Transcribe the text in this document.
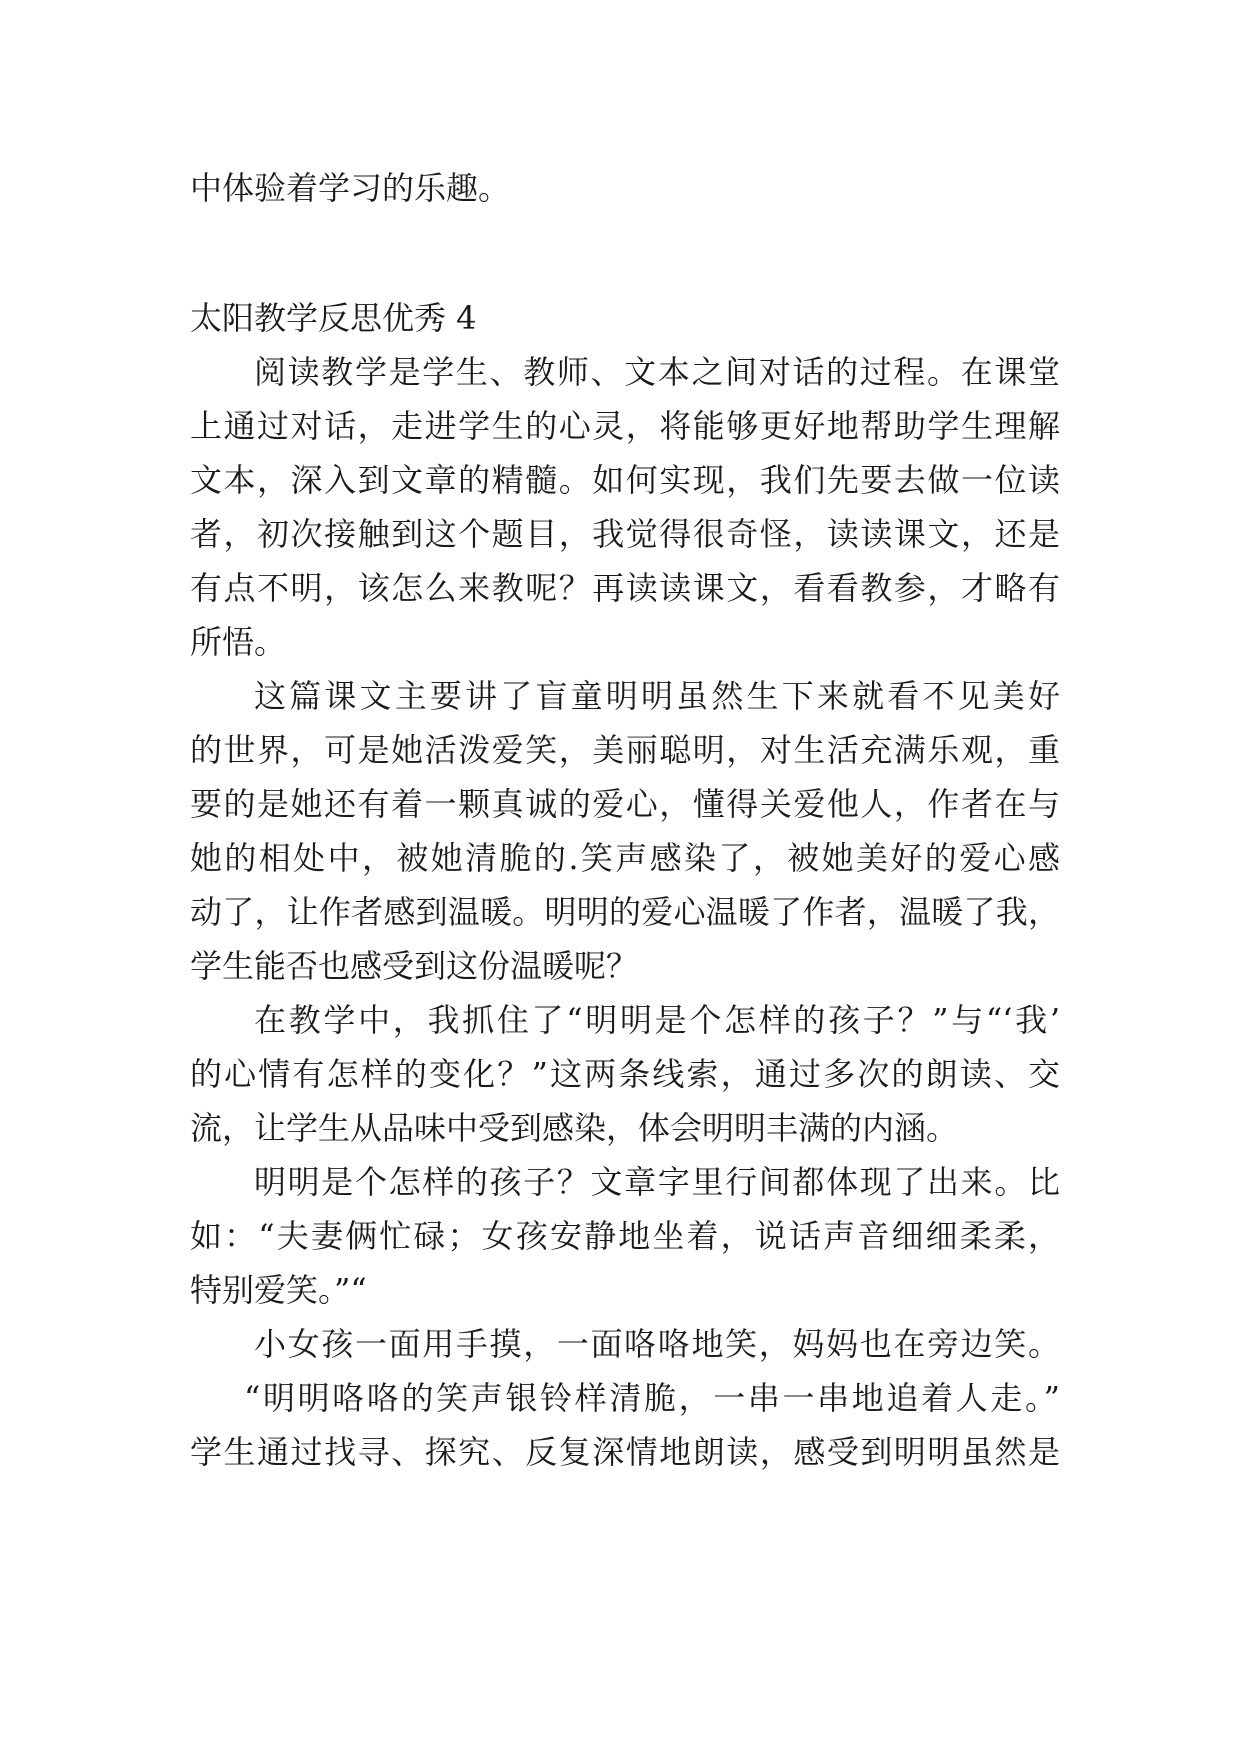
中体验着学习的乐趣。
太阳教学反思优秀 4
阅读教学是学生、教师、文本之间对话的过程。在课堂
上通过对话，走进学生的心灵，将能够更好地帮助学生理解
文本，深入到文章的精髓。如何实现，我们先要去做一位读
者，初次接触到这个题目，我觉得很奇怪，读读课文，还是
有点不明，该怎么来教呢？再读读课文，看看教参，才略有
所悟。
这篇课文主要讲了盲童明明虽然生下来就看不见美好
的世界，可是她活泼爱笑，美丽聪明，对生活充满乐观，重
要的是她还有着一颗真诚的爱心，懂得关爱他人，作者在与
她的相处中，被她清脆的.笑声感染了，被她美好的爱心感
动了，让作者感到温暖。明明的爱心温暖了作者，温暖了我，
学生能否也感受到这份温暖呢？
在教学中，我抓住了“明明是个怎样的孩子？”与“‘我’
的心情有怎样的变化？”这两条线索，通过多次的朗读、交
流，让学生从品味中受到感染，体会明明丰满的内涵。
明明是个怎样的孩子？文章字里行间都体现了出来。比
如：“夫妻俩忙碌；女孩安静地坐着，说话声音细细柔柔，
特别爱笑。”“
小女孩一面用手摸，一面咯咯地笑，妈妈也在旁边笑。
“明明咯咯的笑声银铃样清脆，一串一串地追着人走。”
学生通过找寻、探究、反复深情地朗读，感受到明明虽然是
